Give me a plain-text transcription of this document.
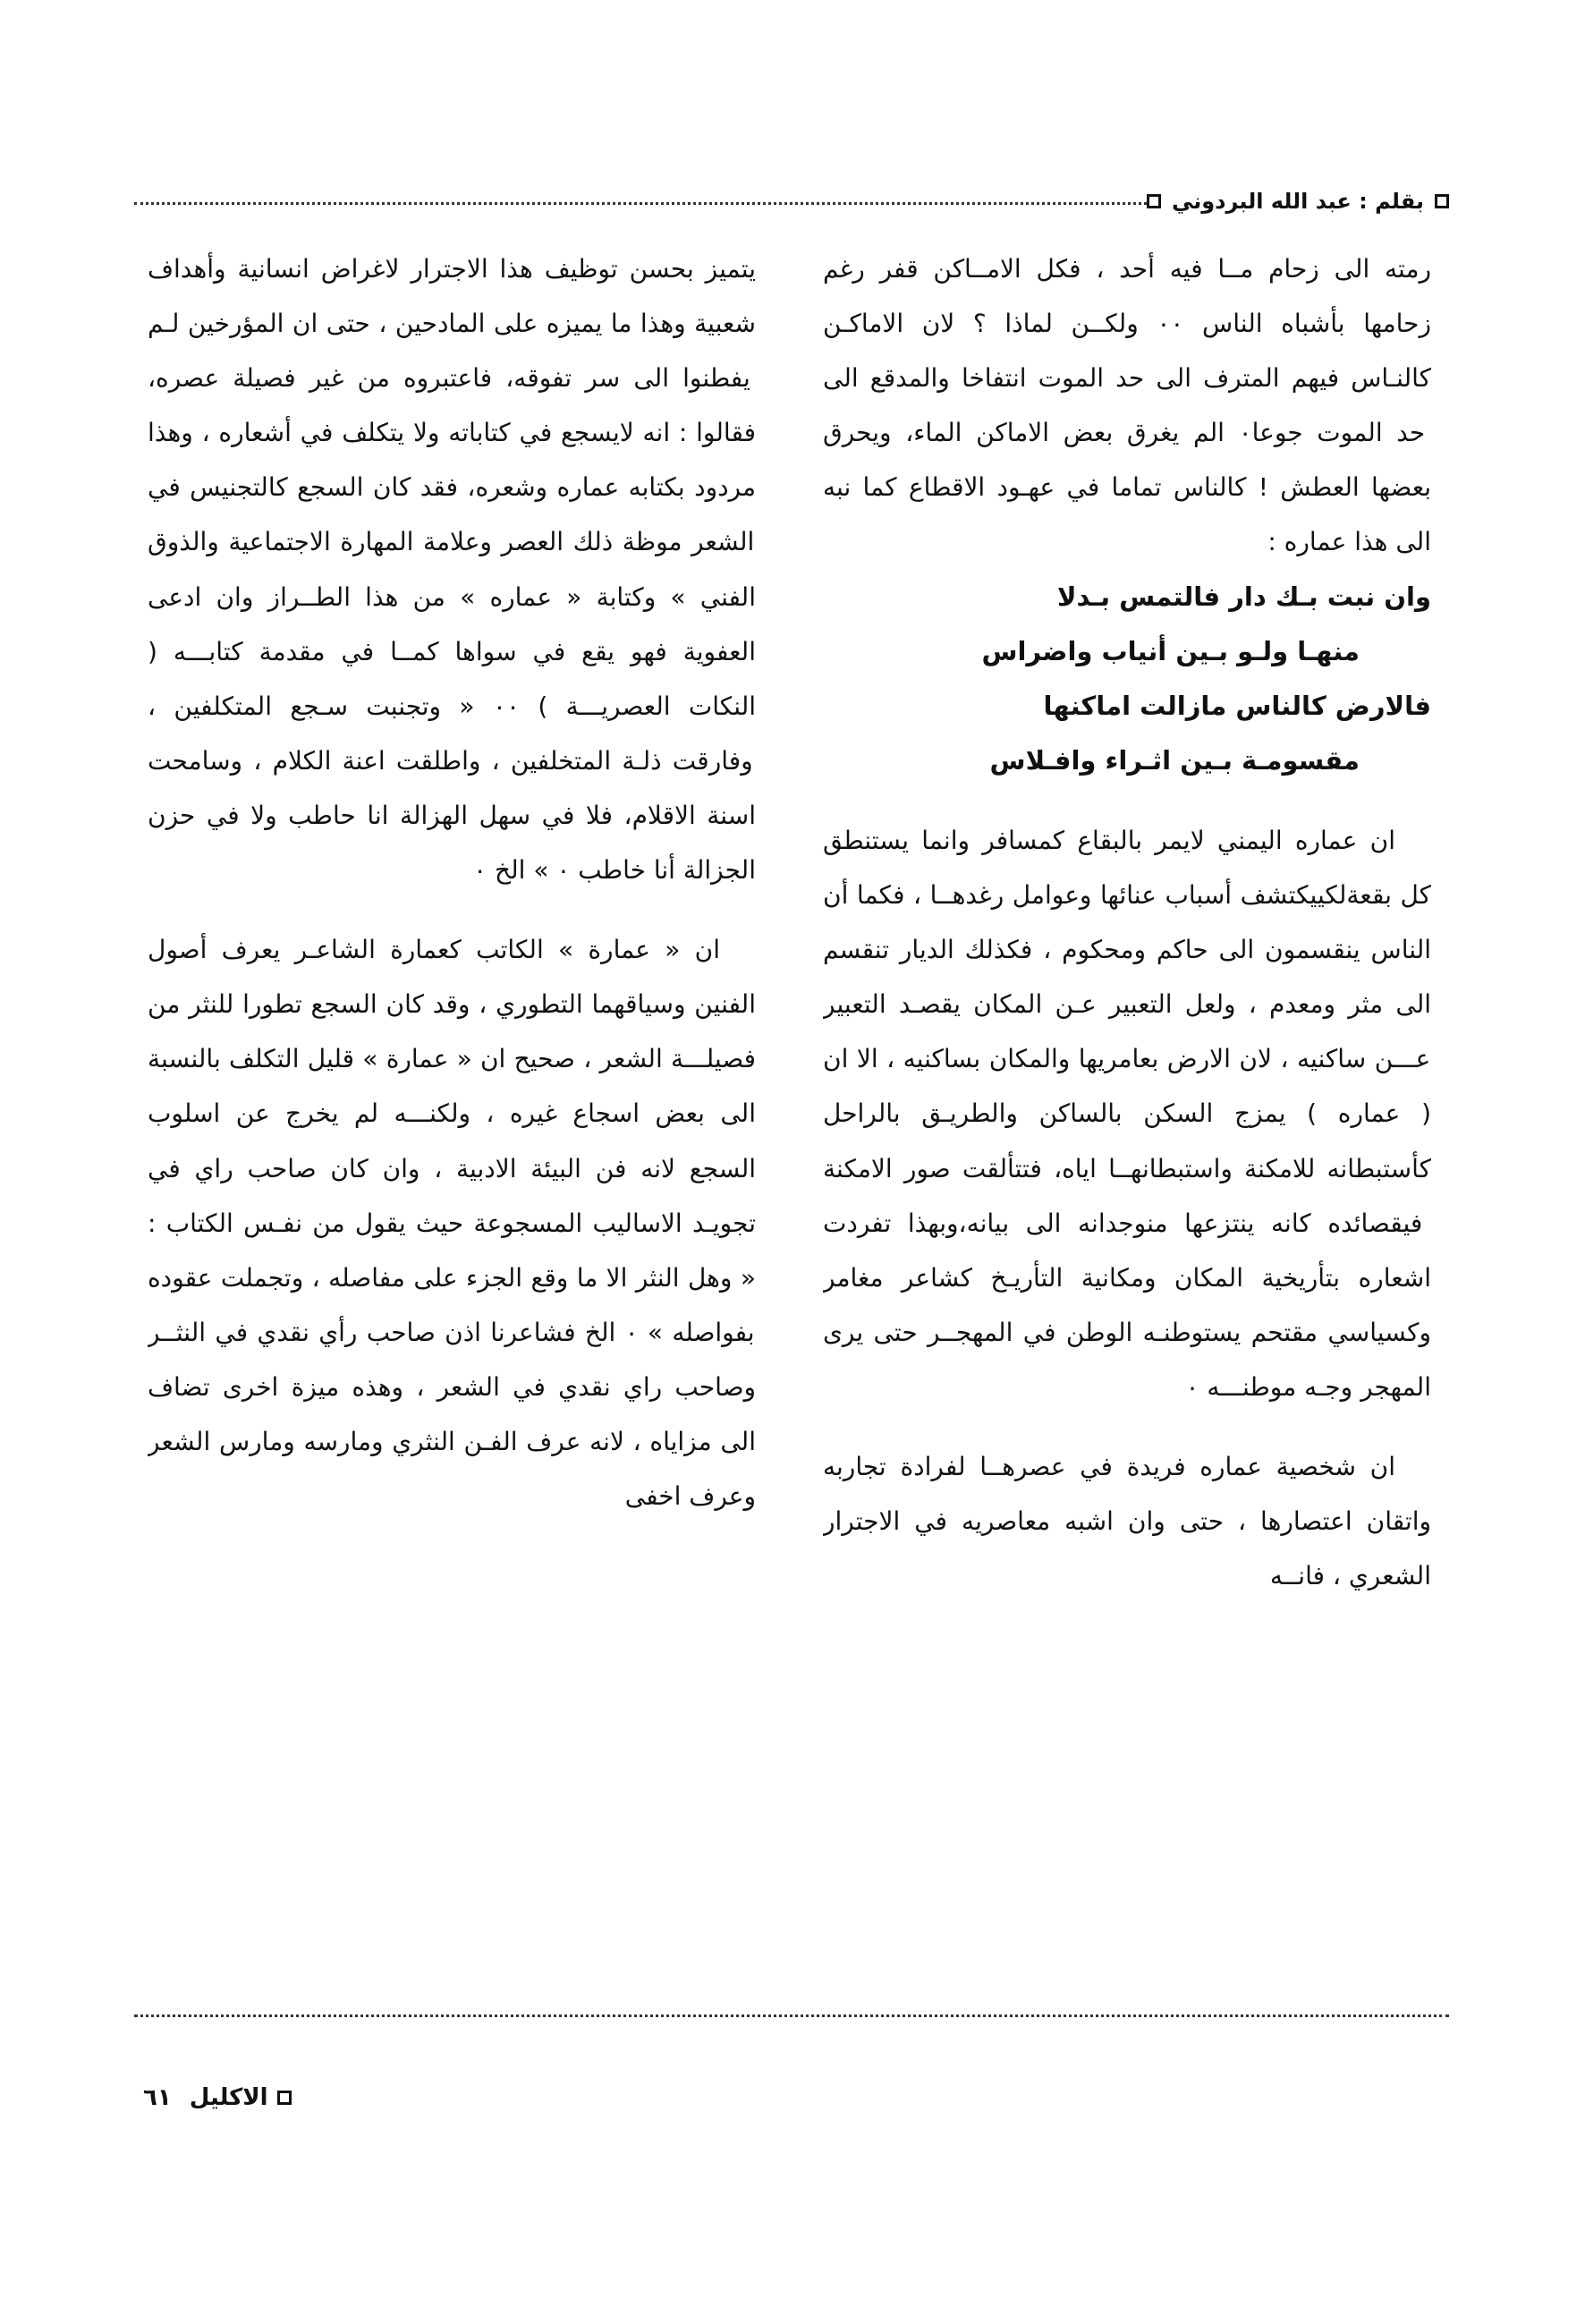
بقلم : عبد الله البردوني

رمته الى زحام مــا فيه أحد ، فكل الامــاكن قفر رغم زحامها بأشباه الناس ٠٠ ولكــن لماذا ؟ لان الاماكـن كالنـاس فيهم المترف الى حد الموت انتفاخا والمدقع الى حد الموت جوعا٠ الم يغرق بعض الاماكن الماء، ويحرق بعضها العطش ! كالناس تماما في عهـود الاقطاع كما نبه الى هذا عماره :

وان نبت بـك دار فالتمس بـدلا

منهـا ولـو بـين أنياب واضراس

فالارض كالناس مازالت اماكنها

مقسومـة بـين اثـراء وافـلاس

ان عماره اليمني لايمر بالبقاع كمسافر وانما يستنطق كل بقعةلكييكتشف أسباب عنائها وعوامل رغدهــا ، فكما أن الناس ينقسمون الى حاكم ومحكوم ، فكذلك الديار تنقسم الى مثر ومعدم ، ولعل التعبير عـن المكان يقصـد التعبير عـــن ساكنيه ، لان الارض بعامريها والمكان بساكنيه ، الا ان ( عماره ) يمزج السكن بالساكن والطريـق بالراحل كأستبطانه للامكنة واستبطانهــا اياه، فتتألقت صور الامكنة فيقصائده كانه ينتزعها منوجدانه الى بيانه،وبهذا تفردت اشعاره بتأريخية المكان ومكانية التأريـخ كشاعر مغامر وكسياسي مقتحم يستوطنـه الوطن في المهجــر حتى يرى المهجر وجـه موطنـــه ٠

ان شخصية عماره فريدة في عصرهــا لفرادة تجاربه واتقان اعتصارها ، حتى وان اشبه معاصريه في الاجترار الشعري ، فانــه

يتميز بحسن توظيف هذا الاجترار لاغراض انسانية وأهداف شعبية وهذا ما يميزه على المادحين ، حتى ان المؤرخين لـم يفطنوا الى سر تفوقه، فاعتبروه من غير فصيلة عصره، فقالوا : انه لايسجع في كتاباته ولا يتكلف في أشعاره ، وهذا مردود بكتابه عماره وشعره، فقد كان السجع كالتجنيس في الشعر موظة ذلك العصر وعلامة المهارة الاجتماعية والذوق الفني » وكتابة « عماره » من هذا الطــراز وان ادعى العفوية فهو يقع في سواها كمــا في مقدمة كتابـــه ( النكات العصريـــة ) ٠٠ « وتجنبت سـجع المتكلفين ، وفارقت ذلـة المتخلفين ، واطلقت اعنة الكلام ، وسامحت اسنة الاقلام، فلا في سهل الهزالة انا حاطب ولا في حزن الجزالة أنا خاطب ٠ » الخ ٠

ان « عمارة » الكاتب كعمارة الشاعـر يعرف أصول الفنين وسياقهما التطوري ، وقد كان السجع تطورا للنثر من فصيلـــة الشعر ، صحيح ان « عمارة » قليل التكلف بالنسبة الى بعض اسجاع غيره ، ولكنـــه لم يخرج عن اسلوب السجع لانه فن البيئة الادبية ، وان كان صاحب راي في تجويـد الاساليب المسجوعة حيث يقول من نفـس الكتاب : « وهل النثر الا ما وقع الجزء على مفاصله ، وتجملت عقوده بفواصله » ٠ الخ فشاعرنا اذن صاحب رأي نقدي في النثــر وصاحب راي نقدي في الشعر ، وهذه ميزة اخرى تضاف الى مزاياه ، لانه عرف الفـن النثري ومارسه ومارس الشعر وعرف اخفى

الاكليل
٦١
